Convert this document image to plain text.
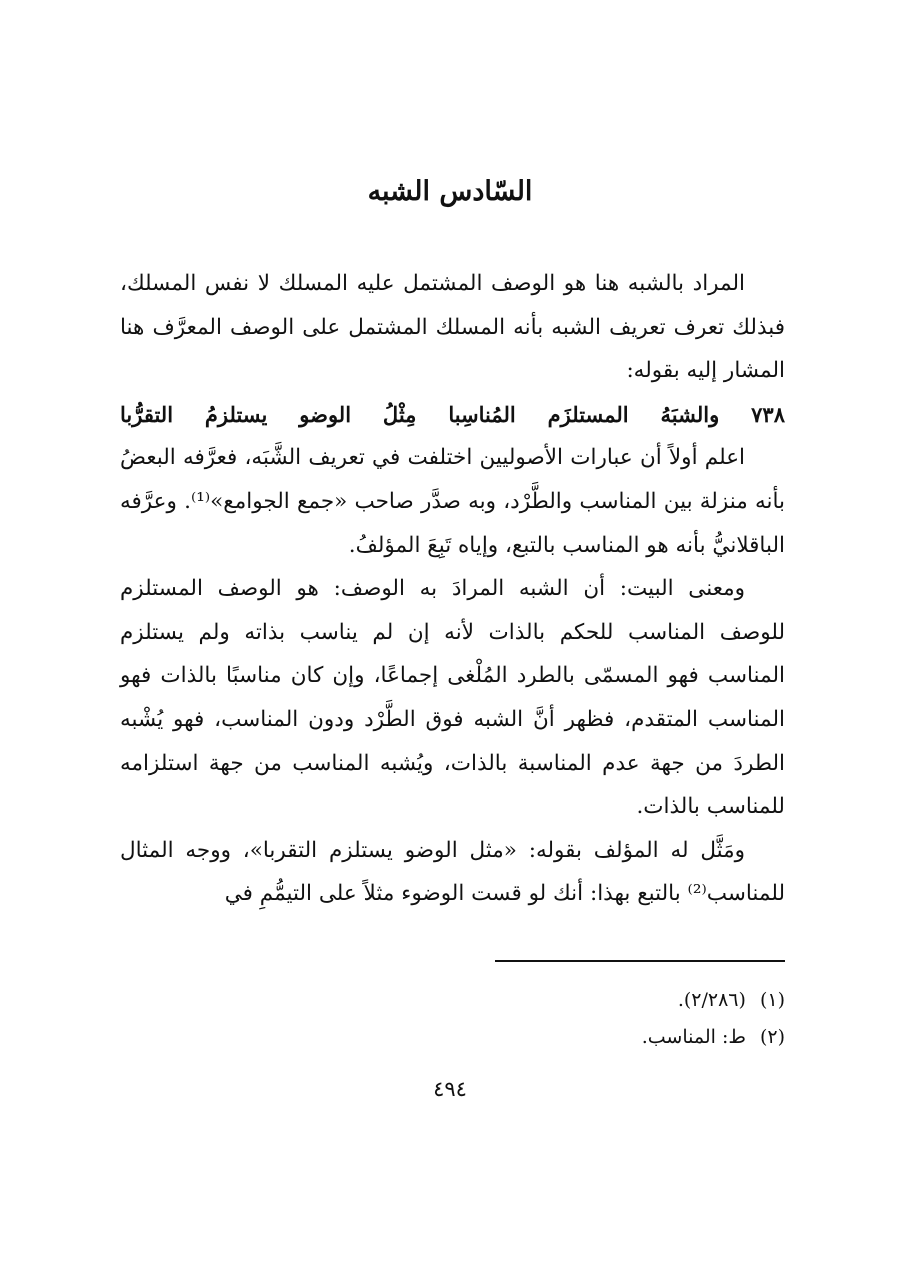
السّادس الشبه

المراد بالشبه هنا هو الوصف المشتمل عليه المسلك لا نفس المسلك، فبذلك تعرف تعريف الشبه بأنه المسلك المشتمل على الوصف المعرَّف هنا المشار إليه بقوله:

٧٣٨ والشبَهُ المستلزَم المُناسِبا مِثْلُ الوضو يستلزمُ التقرُّبا

اعلم أولاً أن عبارات الأصوليين اختلفت في تعريف الشَّبَه، فعرَّفه البعضُ بأنه منزلة بين المناسب والطَّرْد، وبه صدَّر صاحب «جمع الجوامع»⁽¹⁾. وعرَّفه الباقلانيُّ بأنه هو المناسب بالتبع، وإياه تَبِعَ المؤلفُ.

ومعنى البيت: أن الشبه المرادَ به الوصف: هو الوصف المستلزم للوصف المناسب للحكم بالذات لأنه إن لم يناسب بذاته ولم يستلزم المناسب فهو المسمّى بالطرد المُلْغى إجماعًا، وإن كان مناسبًا بالذات فهو المناسب المتقدم، فظهر أنَّ الشبه فوق الطَّرْد ودون المناسب، فهو يُشْبه الطردَ من جهة عدم المناسبة بالذات، ويُشبه المناسب من جهة استلزامه للمناسب بالذات.

ومَثَّل له المؤلف بقوله: «مثل الوضو يستلزم التقربا»، ووجه المثال للمناسب⁽²⁾ بالتبع بهذا: أنك لو قست الوضوء مثلاً على التيمُّمِ في

(١)(٢/٢٨٦).
(٢)ط: المناسب.
٤٩٤
